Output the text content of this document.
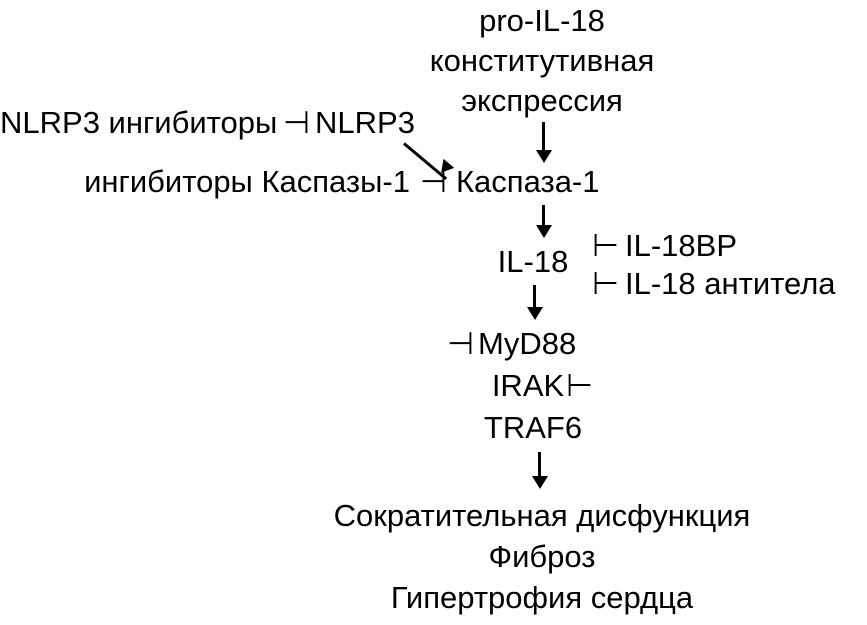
pro-IL-18
конститутивная
экспрессия
NLRP3 ингибиторы ⊣ NLRP3
ингибиторы Каспазы-1 ⊣ Каспаза-1
IL-18 ⊢ IL-18BP
⊢ IL-18 антитела
⊣ MyD88
IRAK ⊢
TRAF6
Сократительная дисфункция
Фиброз
Гипертрофия сердца
